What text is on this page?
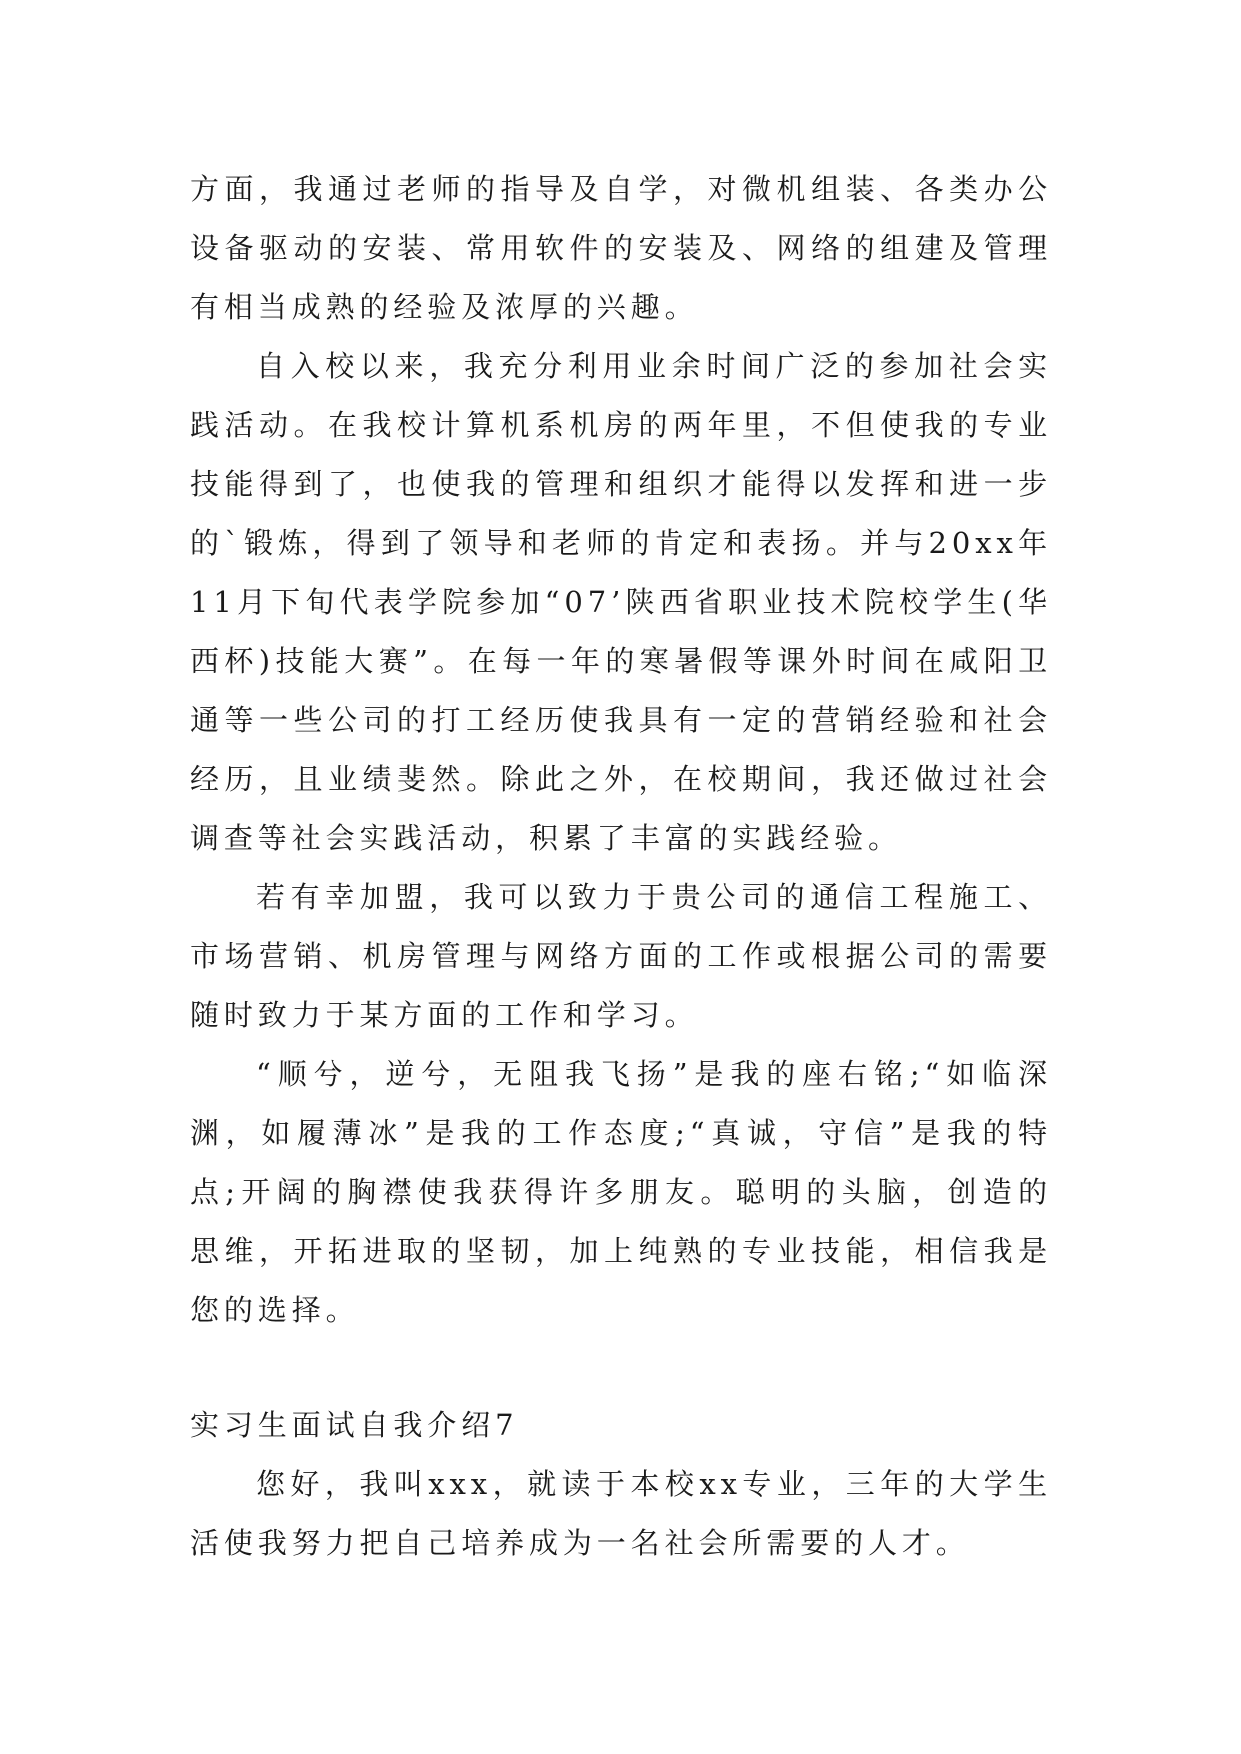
方面，我通过老师的指导及自学，对微机组装、各类办公设备驱动的安装、常用软件的安装及、网络的组建及管理有相当成熟的经验及浓厚的兴趣。

自入校以来，我充分利用业余时间广泛的参加社会实践活动。在我校计算机系机房的两年里，不但使我的专业技能得到了，也使我的管理和组织才能得以发挥和进一步的`锻炼，得到了领导和老师的肯定和表扬。并与20xx年11月下旬代表学院参加“07’陕西省职业技术院校学生(华西杯)技能大赛”。在每一年的寒暑假等课外时间在咸阳卫通等一些公司的打工经历使我具有一定的营销经验和社会经历，且业绩斐然。除此之外，在校期间，我还做过社会调查等社会实践活动，积累了丰富的实践经验。

若有幸加盟，我可以致力于贵公司的通信工程施工、市场营销、机房管理与网络方面的工作或根据公司的需要随时致力于某方面的工作和学习。

“顺兮，逆兮，无阻我飞扬”是我的座右铭;“如临深渊，如履薄冰”是我的工作态度;“真诚，守信”是我的特点;开阔的胸襟使我获得许多朋友。聪明的头脑，创造的思维，开拓进取的坚韧，加上纯熟的专业技能，相信我是您的选择。

实习生面试自我介绍7

您好，我叫xxx，就读于本校xx专业，三年的大学生活使我努力把自己培养成为一名社会所需要的人才。
